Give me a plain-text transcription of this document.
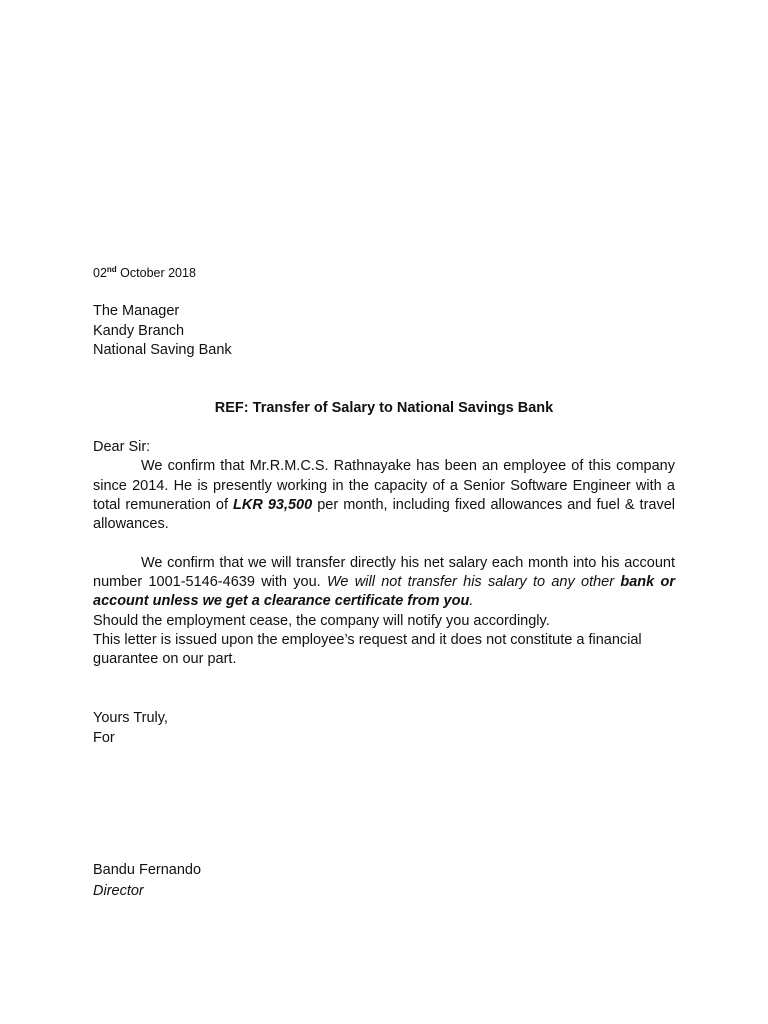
02nd October 2018
The Manager
Kandy Branch
National Saving Bank
REF: Transfer of Salary to National Savings Bank

Dear Sir:

We confirm that Mr.R.M.C.S. Rathnayake has been an employee of this company since 2014. He is presently working in the capacity of a Senior Software Engineer with a total remuneration of LKR 93,500 per month, including fixed allowances and fuel & travel allowances.

We confirm that we will transfer directly his net salary each month into his account number 1001-5146-4639 with you. We will not transfer his salary to any other bank or account unless we get a clearance certificate from you.

Should the employment cease, the company will notify you accordingly.

This letter is issued upon the employee’s request and it does not constitute a financial guarantee on our part.

Yours Truly,
For
Bandu Fernando
Director
